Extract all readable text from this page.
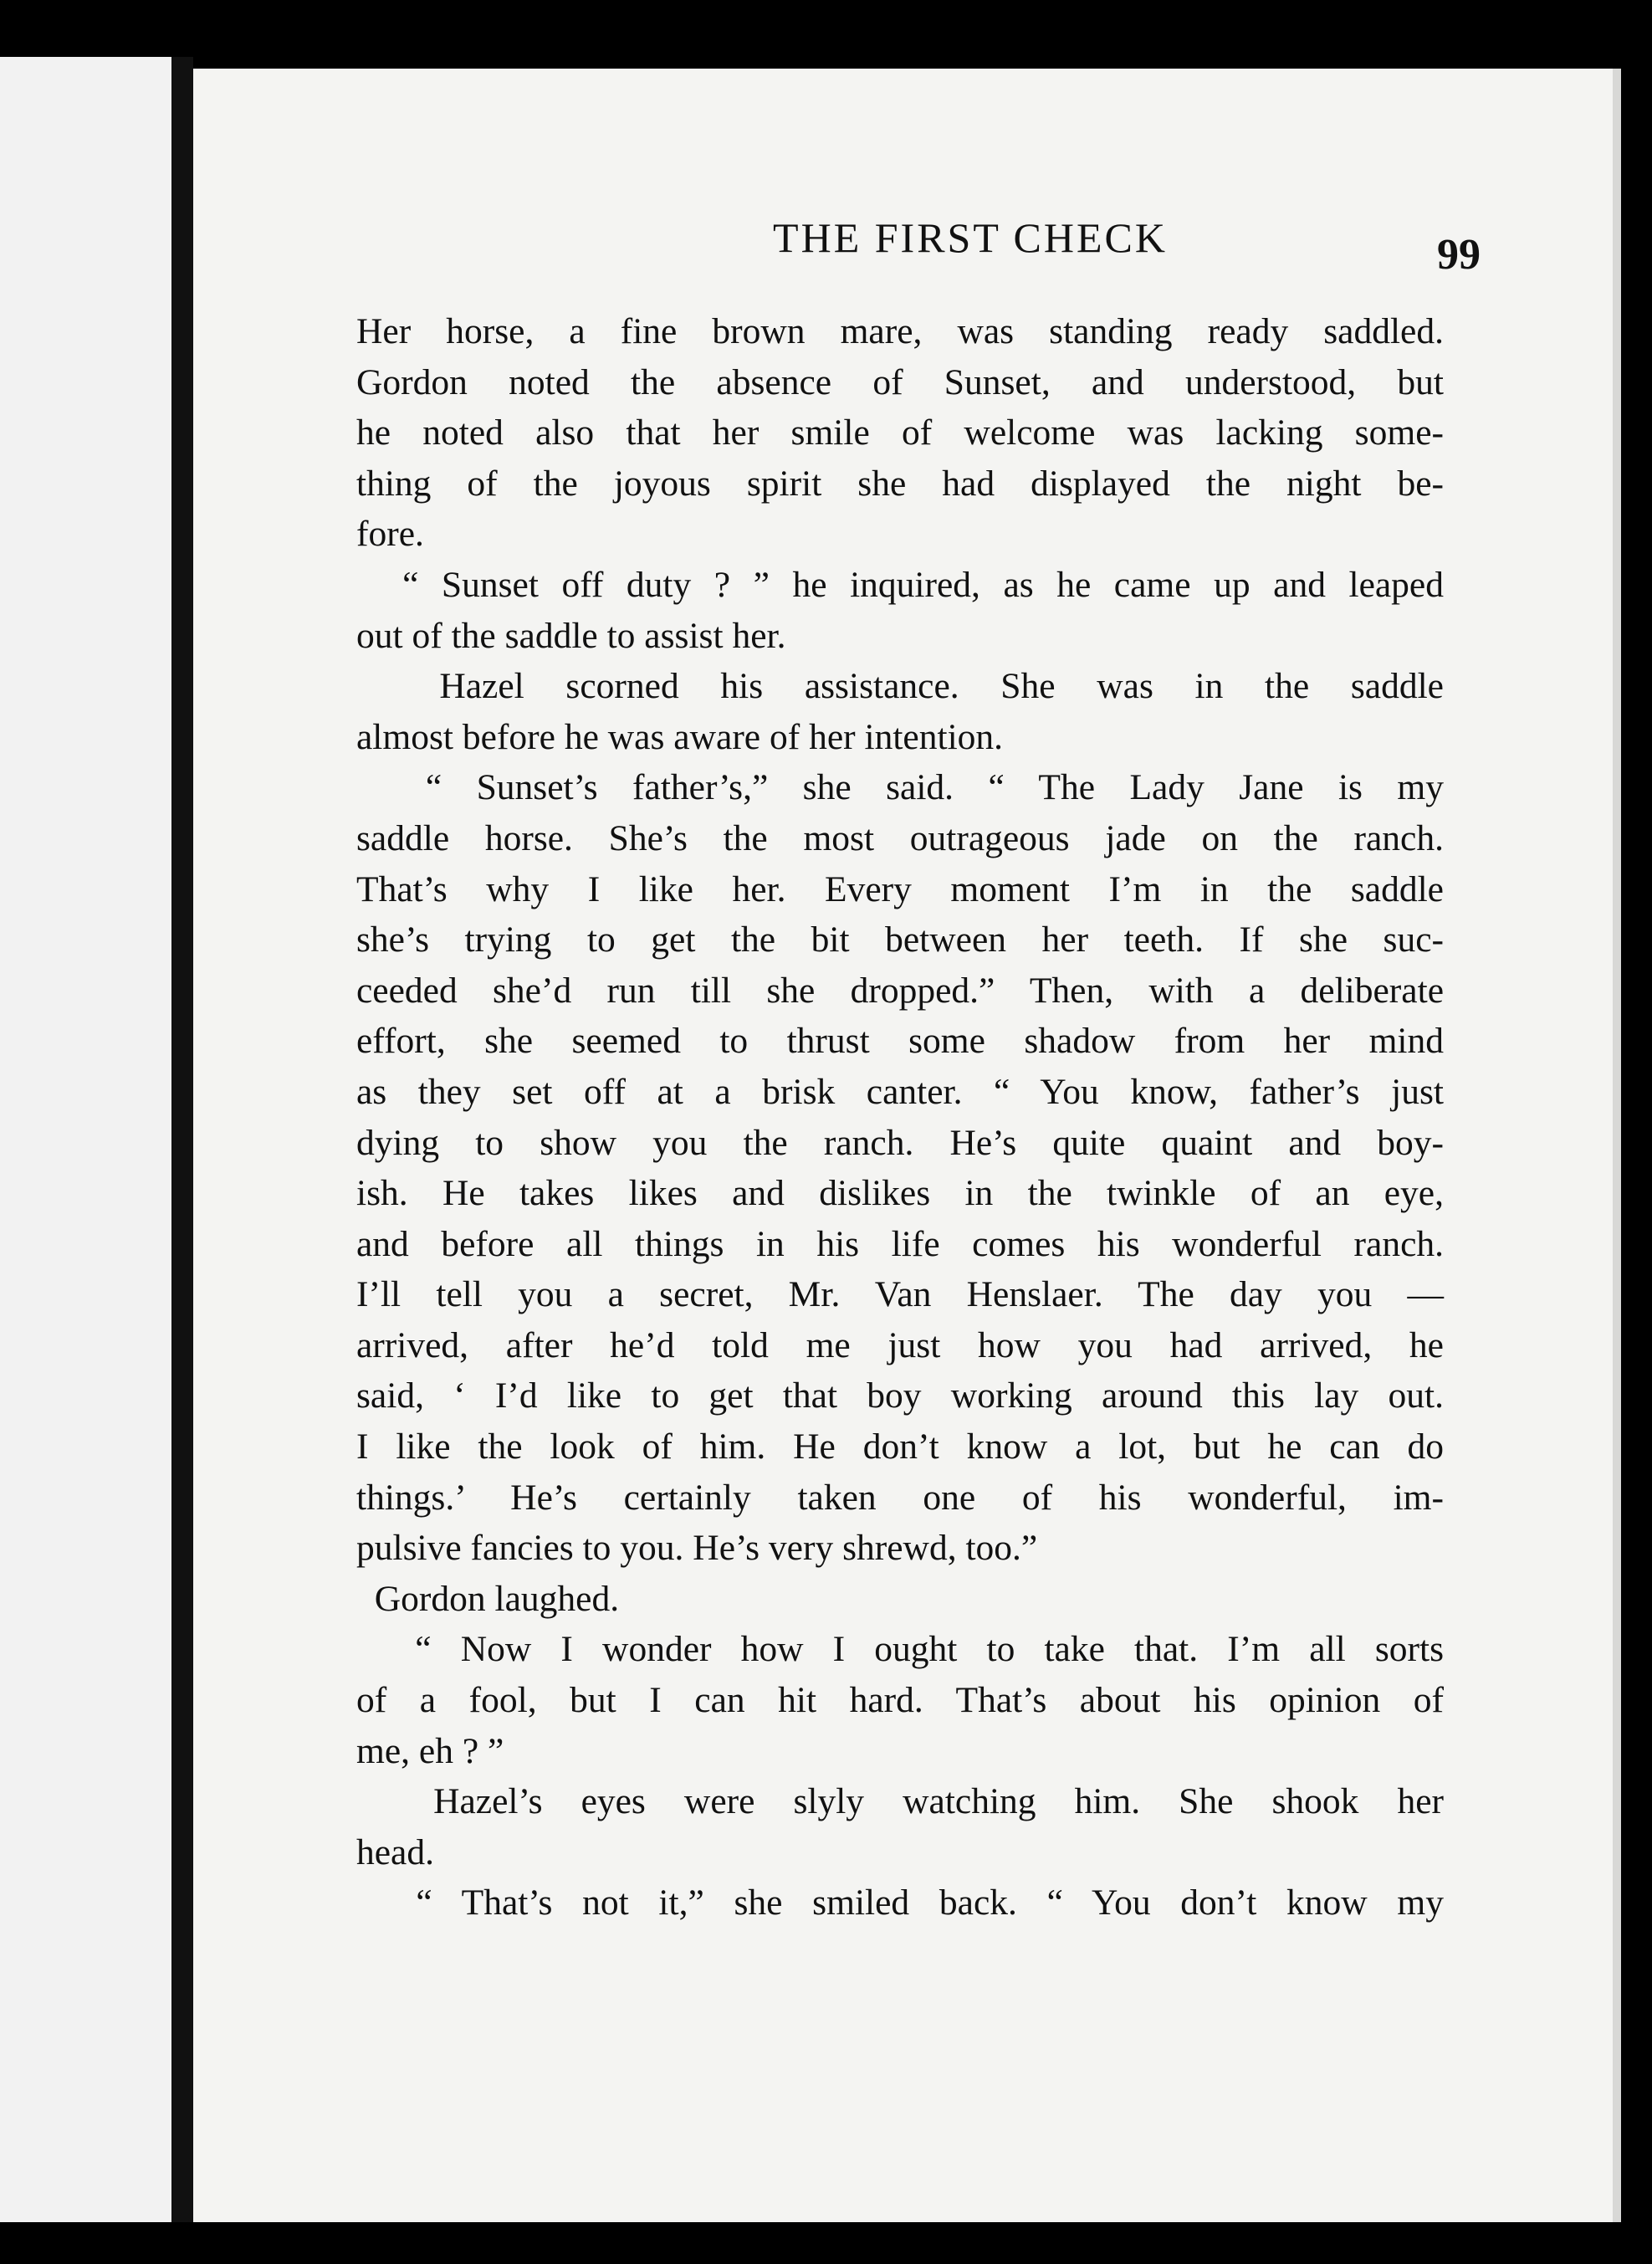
THE FIRST CHECK	99
Her horse, a fine brown mare, was standing ready saddled.
Gordon noted the absence of Sunset, and understood, but
he noted also that her smile of welcome was lacking some-
thing of the joyous spirit she had displayed the night be-
fore.
“ Sunset off duty ? ” he inquired, as he came up and leaped
out of the saddle to assist her.
Hazel scorned his assistance. She was in the saddle
almost before he was aware of her intention.
“ Sunset’s father’s,” she said. “ The Lady Jane is my
saddle horse. She’s the most outrageous jade on the ranch.
That’s why I like her. Every moment I’m in the saddle
she’s trying to get the bit between her teeth. If she suc-
ceeded she’d run till she dropped.” Then, with a deliberate
effort, she seemed to thrust some shadow from her mind
as they set off at a brisk canter. “ You know, father’s just
dying to show you the ranch. He’s quite quaint and boy-
ish. He takes likes and dislikes in the twinkle of an eye,
and before all things in his life comes his wonderful ranch.
I’ll tell you a secret, Mr. Van Henslaer. The day you —
arrived, after he’d told me just how you had arrived, he
said, ‘ I’d like to get that boy working around this lay out.
I like the look of him. He don’t know a lot, but he can do
things.’ He’s certainly taken one of his wonderful, im-
pulsive fancies to you. He’s very shrewd, too.”
Gordon laughed.
“ Now I wonder how I ought to take that. I’m all sorts
of a fool, but I can hit hard. That’s about his opinion of
me, eh ? ”
Hazel’s eyes were slyly watching him. She shook her
head.
“ That’s not it,” she smiled back. “ You don’t know my
